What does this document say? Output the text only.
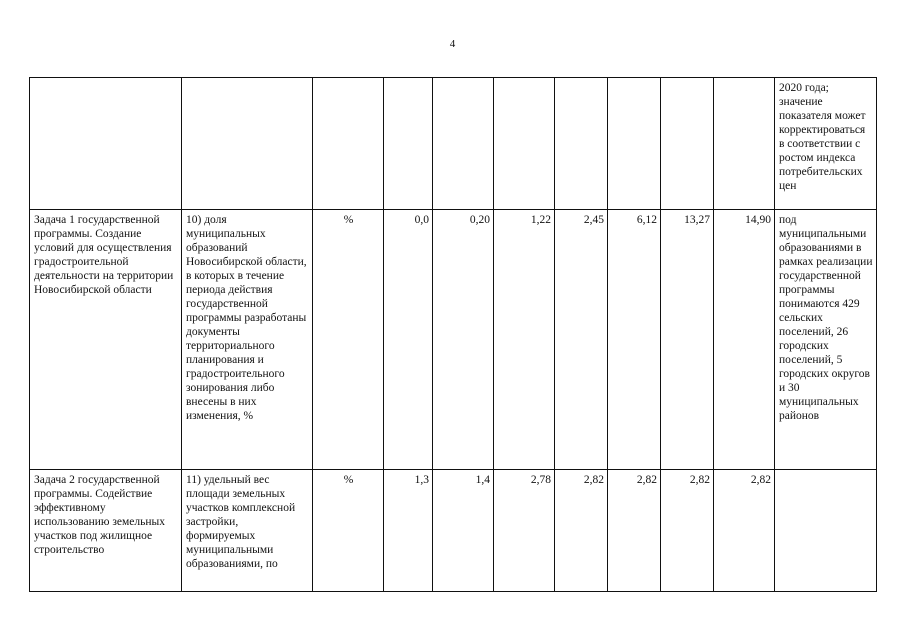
4
										2020 года; значение показателя может корректироваться в соответствии с ростом индекса потребительских цен
Задача 1 государственной программы. Создание условий для осуществления градостроительной деятельности на территории Новосибирской области	10) доля муниципальных образований Новосибирской области, в которых в течение периода действия государственной программы разработаны документы территориального планирования и градостроительного зонирования либо внесены в них изменения, %	%	0,0	0,20	1,22	2,45	6,12	13,27	14,90	под муниципальными образованиями в рамках реализации государственной программы понимаются 429 сельских поселений, 26 городских поселений, 5 городских округов и 30 муниципальных районов
Задача 2 государственной программы. Содействие эффективному использованию земельных участков под жилищное строительство	11) удельный вес площади земельных участков комплексной застройки, формируемых муниципальными образованиями, по	%	1,3	1,4	2,78	2,82	2,82	2,82	2,82	
